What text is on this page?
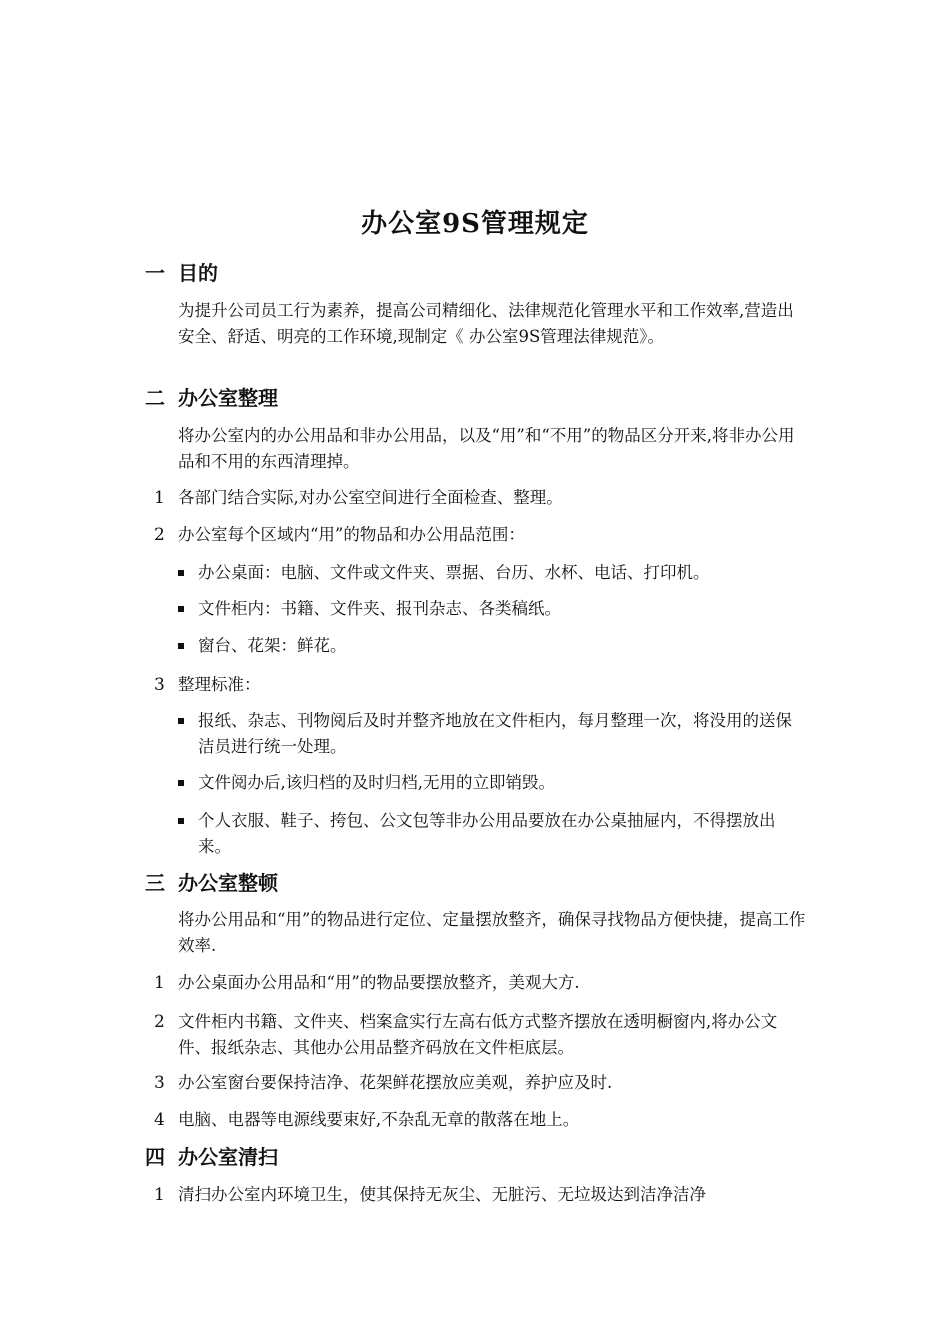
办公室9S管理规定
一 目的
为提升公司员工行为素养，提高公司精细化、法律规范化管理水平和工作效率,营造出安全、舒适、明亮的工作环境,现制定《 办公室9S管理法律规范》。
二 办公室整理
将办公室内的办公用品和非办公用品，以及“用”和“不用”的物品区分开来,将非办公用品和不用的东西清理掉。
1 各部门结合实际,对办公室空间进行全面检查、整理。
2 办公室每个区域内“用”的物品和办公用品范围：
办公桌面：电脑、文件或文件夹、票据、台历、水杯、电话、打印机。
文件柜内：书籍、文件夹、报刊杂志、各类稿纸。
窗台、花架：鲜花。
3 整理标准：
报纸、杂志、刊物阅后及时并整齐地放在文件柜内，每月整理一次，将没用的送保洁员进行统一处理。
文件阅办后,该归档的及时归档,无用的立即销毁。
个人衣服、鞋子、挎包、公文包等非办公用品要放在办公桌抽屉内，不得摆放出来。
三 办公室整顿
将办公用品和“用”的物品进行定位、定量摆放整齐，确保寻找物品方便快捷，提高工作效率.
1 办公桌面办公用品和“用”的物品要摆放整齐，美观大方.
2 文件柜内书籍、文件夹、档案盒实行左高右低方式整齐摆放在透明橱窗内,将办公文件、报纸杂志、其他办公用品整齐码放在文件柜底层。
3 办公室窗台要保持洁净、花架鲜花摆放应美观，养护应及时.
4 电脑、电器等电源线要束好,不杂乱无章的散落在地上。
四 办公室清扫
1 清扫办公室内环境卫生，使其保持无灰尘、无脏污、无垃圾达到洁净洁净
